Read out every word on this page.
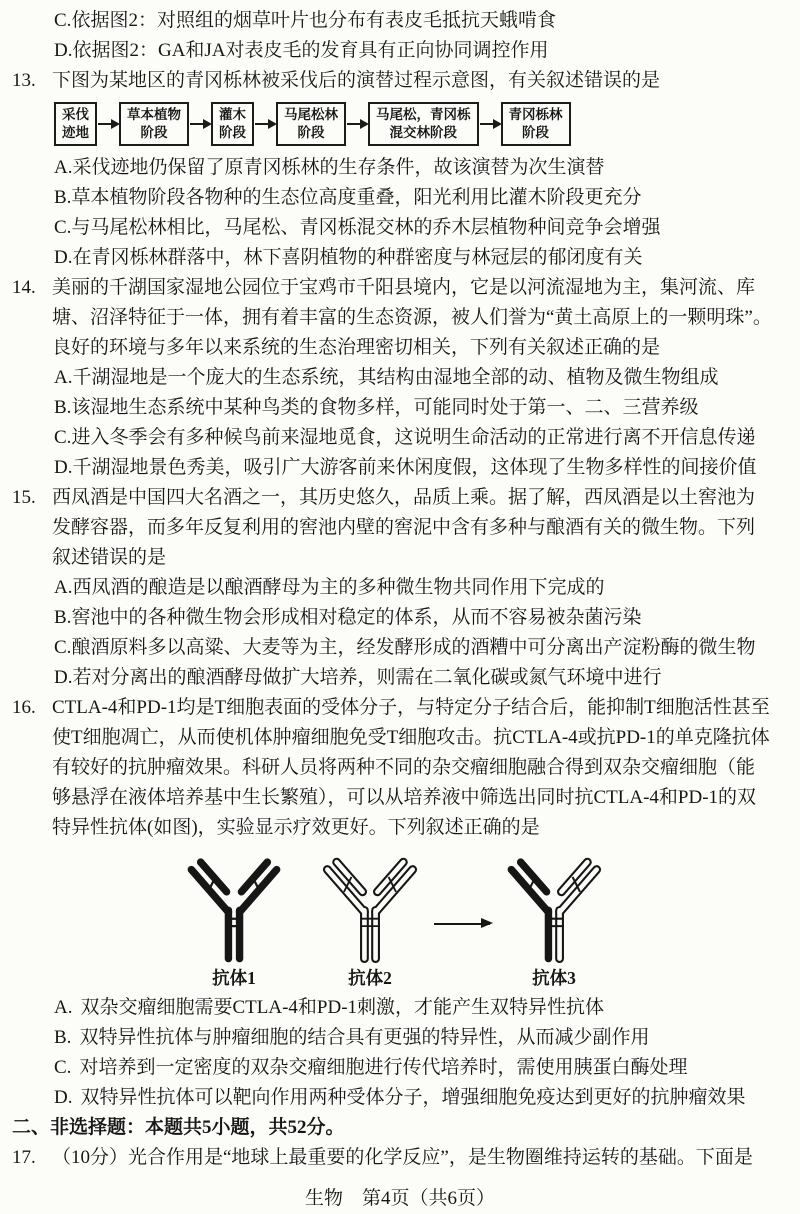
C.依据图2：对照组的烟草叶片也分布有表皮毛抵抗天蛾啃食
D.依据图2：GA和JA对表皮毛的发育具有正向协同调控作用
13. 下图为某地区的青冈栎林被采伐后的演替过程示意图，有关叙述错误的是
采伐
迹地
草本植物
阶段
灌木
阶段
马尾松林
阶段
马尾松，青冈栎
混交林阶段
青冈栎林
阶段
A.采伐迹地仍保留了原青冈栎林的生存条件，故该演替为次生演替
B.草本植物阶段各物种的生态位高度重叠，阳光利用比灌木阶段更充分
C.与马尾松林相比，马尾松、青冈栎混交林的乔木层植物种间竞争会增强
D.在青冈栎林群落中，林下喜阴植物的种群密度与林冠层的郁闭度有关
14. 美丽的千湖国家湿地公园位于宝鸡市千阳县境内，它是以河流湿地为主，集河流、库塘、沼泽特征于一体，拥有着丰富的生态资源，被人们誉为“黄土高原上的一颗明珠”。良好的环境与多年以来系统的生态治理密切相关，下列有关叙述正确的是
A.千湖湿地是一个庞大的生态系统，其结构由湿地全部的动、植物及微生物组成
B.该湿地生态系统中某种鸟类的食物多样，可能同时处于第一、二、三营养级
C.进入冬季会有多种候鸟前来湿地觅食，这说明生命活动的正常进行离不开信息传递
D.千湖湿地景色秀美，吸引广大游客前来休闲度假，这体现了生物多样性的间接价值
15. 西凤酒是中国四大名酒之一，其历史悠久，品质上乘。据了解，西凤酒是以土窖池为发酵容器，而多年反复利用的窖池内壁的窖泥中含有多种与酿酒有关的微生物。下列叙述错误的是
A.西凤酒的酿造是以酿酒酵母为主的多种微生物共同作用下完成的
B.窖池中的各种微生物会形成相对稳定的体系，从而不容易被杂菌污染
C.酿酒原料多以高粱、大麦等为主，经发酵形成的酒糟中可分离出产淀粉酶的微生物
D.若对分离出的酿酒酵母做扩大培养，则需在二氧化碳或氮气环境中进行
16. CTLA-4和PD-1均是T细胞表面的受体分子，与特定分子结合后，能抑制T细胞活性甚至使T细胞凋亡，从而使机体肿瘤细胞免受T细胞攻击。抗CTLA-4或抗PD-1的单克隆抗体有较好的抗肿瘤效果。科研人员将两种不同的杂交瘤细胞融合得到双杂交瘤细胞（能够悬浮在液体培养基中生长繁殖），可以从培养液中筛选出同时抗CTLA-4和PD-1的双特异性抗体(如图)，实验显示疗效更好。下列叙述正确的是
抗体1	抗体2	抗体3
A. 双杂交瘤细胞需要CTLA-4和PD-1刺激，才能产生双特异性抗体
B. 双特异性抗体与肿瘤细胞的结合具有更强的特异性，从而减少副作用
C. 对培养到一定密度的双杂交瘤细胞进行传代培养时，需使用胰蛋白酶处理
D. 双特异性抗体可以靶向作用两种受体分子，增强细胞免疫达到更好的抗肿瘤效果
二、非选择题：本题共5小题，共52分。
17. （10分）光合作用是“地球上最重要的化学反应”，是生物圈维持运转的基础。下面是
生物　第4页（共6页）
